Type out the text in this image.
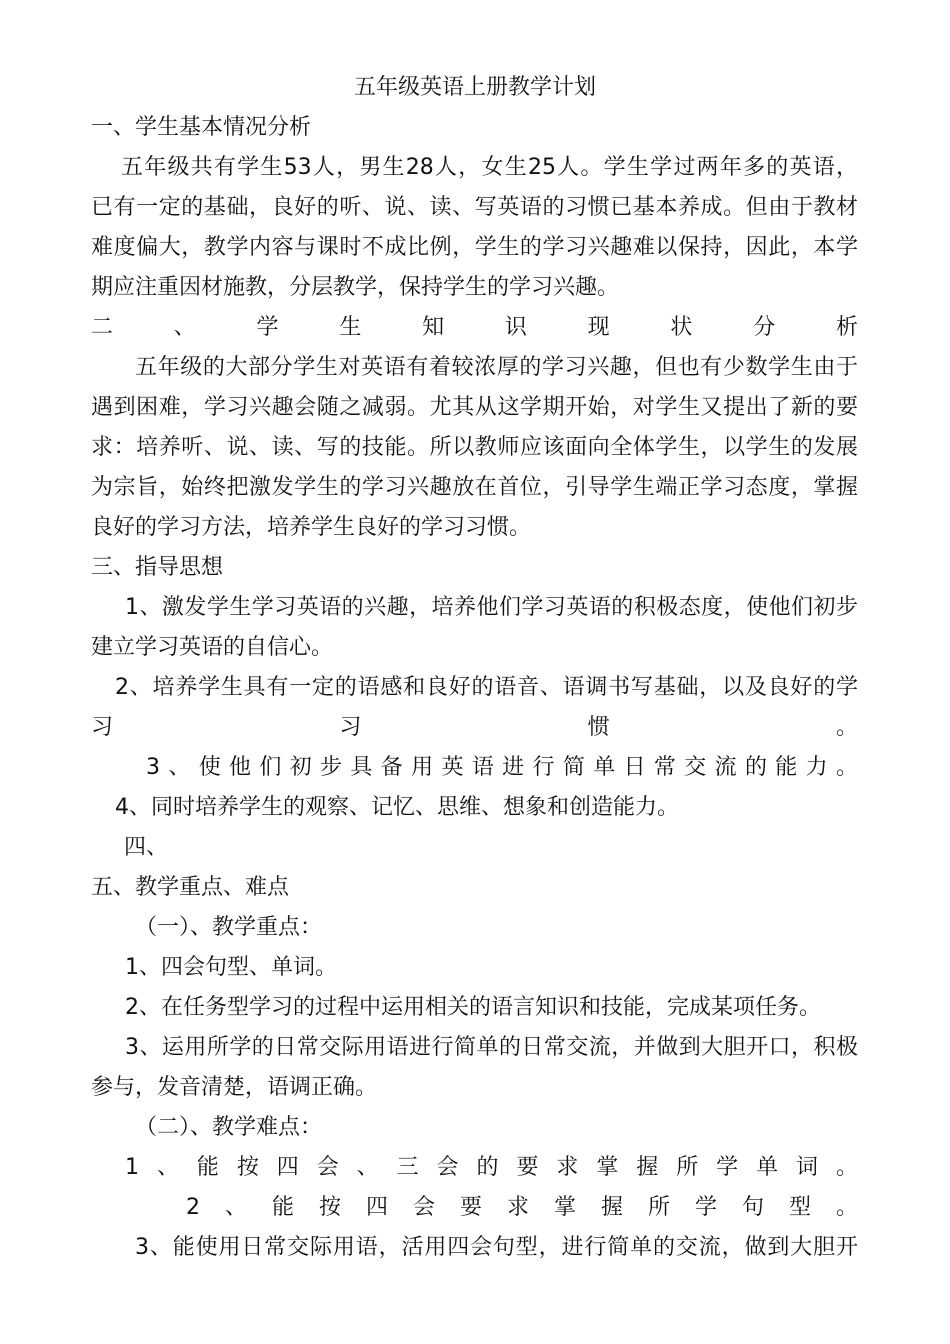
五年级英语上册教学计划
一、学生基本情况分析
五年级共有学生53人，男生28人，女生25人。学生学过两年多的英语，
已有一定的基础，良好的听、说、读、写英语的习惯已基本养成。但由于教材
难度偏大，教学内容与课时不成比例，学生的学习兴趣难以保持，因此，本学
期应注重因材施教，分层教学，保持学生的学习兴趣。
二、学生知识现状分析
五年级的大部分学生对英语有着较浓厚的学习兴趣，但也有少数学生由于
遇到困难，学习兴趣会随之减弱。尤其从这学期开始，对学生又提出了新的要
求：培养听、说、读、写的技能。所以教师应该面向全体学生，以学生的发展
为宗旨，始终把激发学生的学习兴趣放在首位，引导学生端正学习态度，掌握
良好的学习方法，培养学生良好的学习习惯。
三、指导思想
1、激发学生学习英语的兴趣，培养他们学习英语的积极态度，使他们初步
建立学习英语的自信心。
2、培养学生具有一定的语感和良好的语音、语调书写基础，以及良好的学
习习惯。
3、使他们初步具备用英语进行简单日常交流的能力。
4、同时培养学生的观察、记忆、思维、想象和创造能力。
四、
五、教学重点、难点
（一）、教学重点：
1、四会句型、单词。
2、在任务型学习的过程中运用相关的语言知识和技能，完成某项任务。
3、运用所学的日常交际用语进行简单的日常交流，并做到大胆开口，积极
参与，发音清楚，语调正确。
（二）、教学难点：
1、能按四会、三会的要求掌握所学单词。
2、能按四会要求掌握所学句型。
3、能使用日常交际用语，活用四会句型，进行简单的交流，做到大胆开
